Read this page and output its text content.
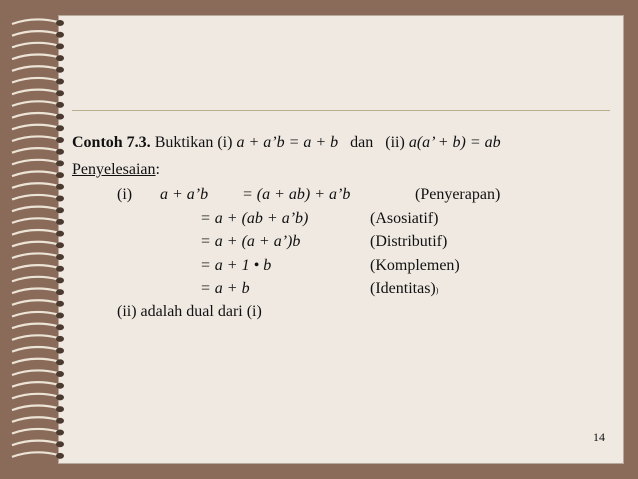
Contoh 7.3. Buktikan (i) a + a’b = a + b   dan   (ii) a(a’ + b) = ab
Penyelesaian:
(i) a + a’b = (a + ab) + a’b	(Penyerapan)
= a + (ab + a’b)	(Asosiatif)
= a + (a + a’)b	(Distributif)
= a + 1 • b	(Komplemen)
= a + b	(Identitas))
(ii) adalah dual dari (i)
14
